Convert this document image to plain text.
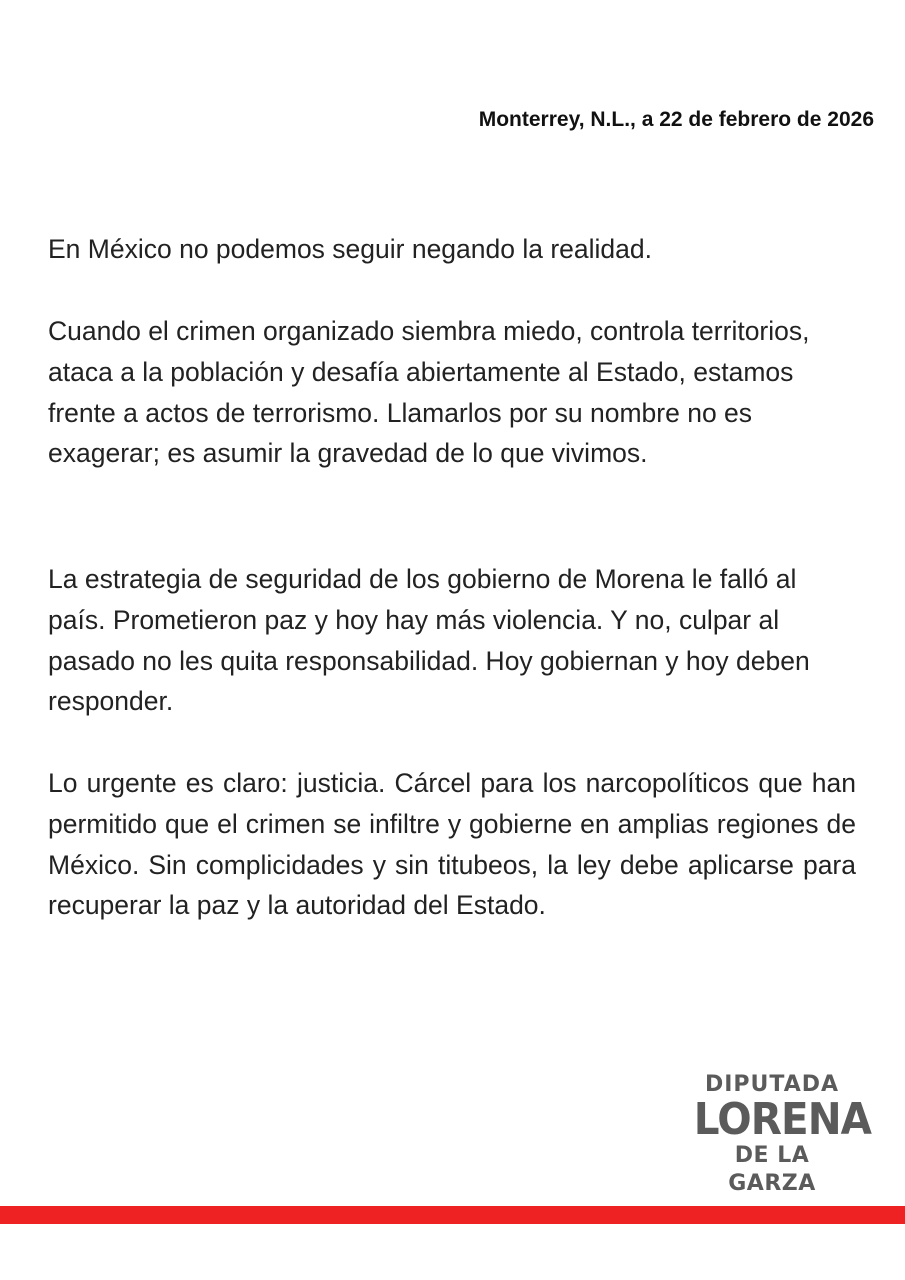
Monterrey, N.L., a 22 de febrero de 2026

En México no podemos seguir negando la realidad.

Cuando el crimen organizado siembra miedo, controla territorios, ataca a la población y desafía abiertamente al Estado, estamos frente a actos de terrorismo. Llamarlos por su nombre no es exagerar; es asumir la gravedad de lo que vivimos.

La estrategia de seguridad de los gobierno de Morena le falló al país. Prometieron paz y hoy hay más violencia. Y no, culpar al pasado no les quita responsabilidad. Hoy gobiernan y hoy deben responder.

Lo urgente es claro: justicia. Cárcel para los narcopolíticos que han permitido que el crimen se infiltre y gobierne en amplias regiones de México. Sin complicidades y sin titubeos, la ley debe aplicarse para recuperar la paz y la autoridad del Estado.

DIPUTADA
LORENA
DE LA GARZA
